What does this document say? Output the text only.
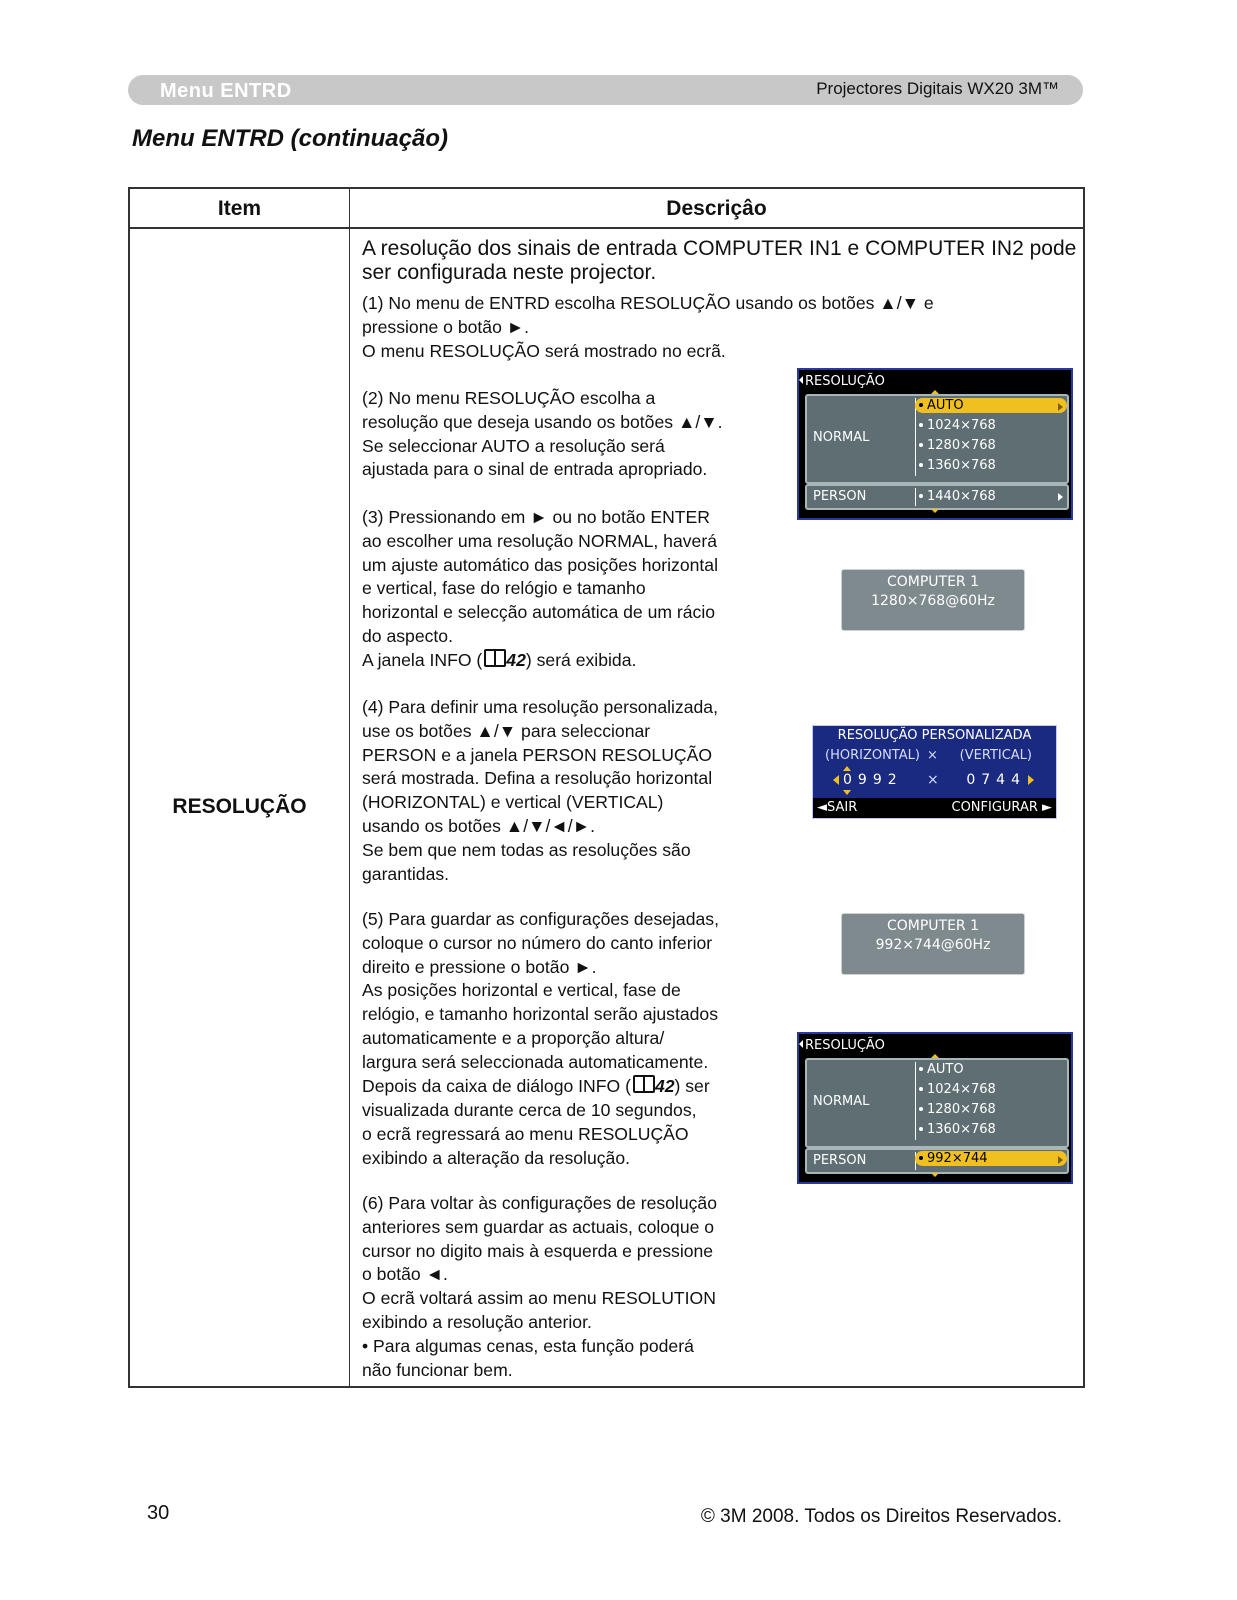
Menu ENTRD	Projectores Digitais WX20 3M™
Menu ENTRD (continuação)
Item	Descriçâo
RESOLUÇÃO
A resolução dos sinais de entrada COMPUTER IN1 e COMPUTER IN2 pode ser configurada neste projector.
(1) No menu de ENTRD escolha RESOLUÇÃO usando os botões ▲/▼ e
pressione o botão ►.
O menu RESOLUÇÃO será mostrado no ecrã.
(2) No menu RESOLUÇÃO escolha a
resolução que deseja usando os botões ▲/▼.
Se seleccionar AUTO a resolução será
ajustada para o sinal de entrada apropriado.
(3) Pressionando em ► ou no botão ENTER
ao escolher uma resolução NORMAL, haverá
um ajuste automático das posições horizontal
e vertical, fase do relógio e tamanho
horizontal e selecção automática de um rácio
do aspecto.
A janela INFO ( 42) será exibida.
(4) Para definir uma resolução personalizada,
use os botões ▲/▼ para seleccionar
PERSON e a janela PERSON RESOLUÇÃO
será mostrada. Defina a resolução horizontal
(HORIZONTAL) e vertical (VERTICAL)
usando os botões ▲/▼/◄/►.
Se bem que nem todas as resoluções são
garantidas.
(5) Para guardar as configurações desejadas,
coloque o cursor no número do canto inferior
direito e pressione o botão ►.
As posições horizontal e vertical, fase de
relógio, e tamanho horizontal serão ajustados
automaticamente e a proporção altura/
largura será seleccionada automaticamente.
Depois da caixa de diálogo INFO ( 42) ser
visualizada durante cerca de 10 segundos,
o ecrã regressará ao menu RESOLUÇÃO
exibindo a alteração da resolução.
(6) Para voltar às configurações de resolução
anteriores sem guardar as actuais, coloque o
cursor no digito mais à esquerda e pressione
o botão ◄.
O ecrã voltará assim ao menu RESOLUTION
exibindo a resolução anterior.
• Para algumas cenas, esta função poderá
não funcionar bem.
RESOLUÇÃO
NORMAL
AUTO
1024×768
1280×768
1360×768
PERSON	1440×768
COMPUTER 1
1280×768@60Hz
RESOLUÇÃO PERSONALIZADA
(HORIZONTAL) × (VERTICAL)
0992 × 0744
◄SAIR	CONFIGURAR ►
COMPUTER 1
992×744@60Hz
RESOLUÇÃO
NORMAL
AUTO
1024×768
1280×768
1360×768
PERSON	992×744
30	© 3M 2008. Todos os Direitos Reservados.
